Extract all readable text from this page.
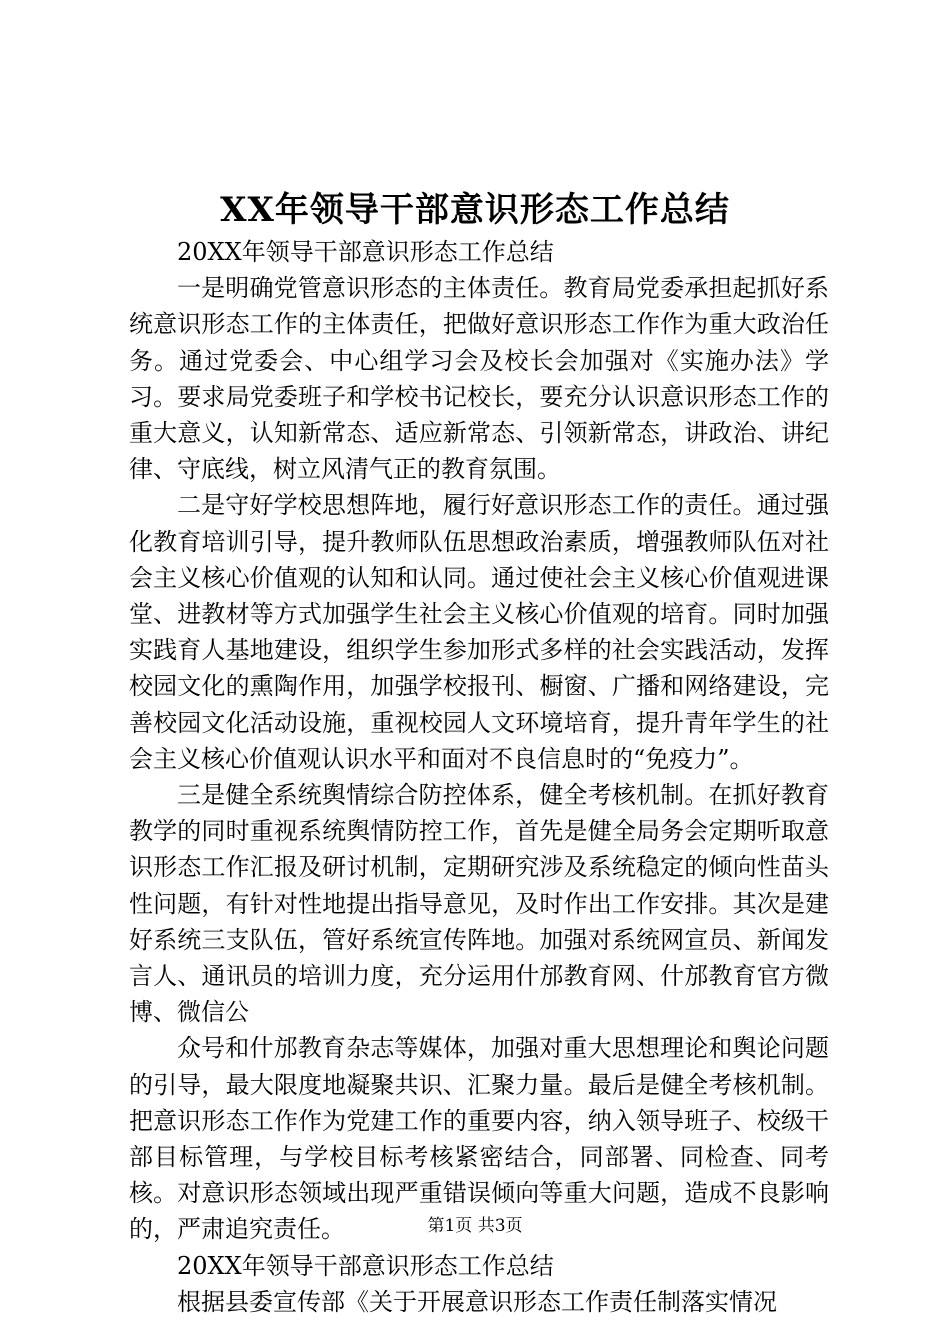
XX年领导干部意识形态工作总结

20XX年领导干部意识形态工作总结

一是明确党管意识形态的主体责任。教育局党委承担起抓好系统意识形态工作的主体责任，把做好意识形态工作作为重大政治任务。通过党委会、中心组学习会及校长会加强对《实施办法》学习。要求局党委班子和学校书记校长，要充分认识意识形态工作的重大意义，认知新常态、适应新常态、引领新常态，讲政治、讲纪律、守底线，树立风清气正的教育氛围。

二是守好学校思想阵地，履行好意识形态工作的责任。通过强化教育培训引导，提升教师队伍思想政治素质，增强教师队伍对社会主义核心价值观的认知和认同。通过使社会主义核心价值观进课堂、进教材等方式加强学生社会主义核心价值观的培育。同时加强实践育人基地建设，组织学生参加形式多样的社会实践活动，发挥校园文化的熏陶作用，加强学校报刊、橱窗、广播和网络建设，完善校园文化活动设施，重视校园人文环境培育，提升青年学生的社会主义核心价值观认识水平和面对不良信息时的“免疫力”。

三是健全系统舆情综合防控体系，健全考核机制。在抓好教育教学的同时重视系统舆情防控工作，首先是健全局务会定期听取意识形态工作汇报及研讨机制，定期研究涉及系统稳定的倾向性苗头性问题，有针对性地提出指导意见，及时作出工作安排。其次是建好系统三支队伍，管好系统宣传阵地。加强对系统网宣员、新闻发言人、通讯员的培训力度，充分运用什邡教育网、什邡教育官方微博、微信公

众号和什邡教育杂志等媒体，加强对重大思想理论和舆论问题的引导，最大限度地凝聚共识、汇聚力量。最后是健全考核机制。把意识形态工作作为党建工作的重要内容，纳入领导班子、校级干部目标管理，与学校目标考核紧密结合，同部署、同检查、同考核。对意识形态领域出现严重错误倾向等重大问题，造成不良影响的，严肃追究责任。

20XX年领导干部意识形态工作总结

根据县委宣传部《关于开展意识形态工作责任制落实情况

第1页 共3页
